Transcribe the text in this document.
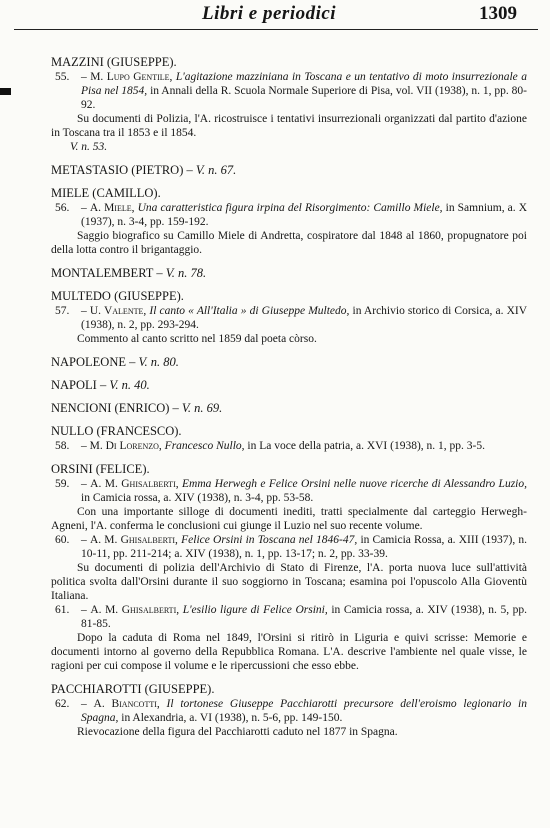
Libri e periodici	1309
MAZZINI (GIUSEPPE).

55. – M. Lupo Gentile, L'agitazione mazziniana in Toscana e un tentativo di moto insurrezionale a Pisa nel 1854, in Annali della R. Scuola Normale Superiore di Pisa, vol. VII (1938), n. 1, pp. 80-92.

Su documenti di Polizia, l'A. ricostruisce i tentativi insurrezionali organizzati dal partito d'azione in Toscana tra il 1853 e il 1854.

V. n. 53.

METASTASIO (PIETRO) – V. n. 67.
MIELE (CAMILLO).

56. – A. Miele, Una caratteristica figura irpina del Risorgimento: Camillo Miele, in Samnium, a. X (1937), n. 3-4, pp. 159-192.

Saggio biografico su Camillo Miele di Andretta, cospiratore dal 1848 al 1860, propugnatore poi della lotta contro il brigantaggio.

MONTALEMBERT – V. n. 78.
MULTEDO (GIUSEPPE).

57. – U. Valente, Il canto « All'Italia » di Giuseppe Multedo, in Archivio storico di Corsica, a. XIV (1938), n. 2, pp. 293-294.

Commento al canto scritto nel 1859 dal poeta còrso.

NAPOLEONE – V. n. 80.
NAPOLI – V. n. 40.
NENCIONI (ENRICO) – V. n. 69.
NULLO (FRANCESCO).

58. – M. Di Lorenzo, Francesco Nullo, in La voce della patria, a. XVI (1938), n. 1, pp. 3-5.

ORSINI (FELICE).

59. – A. M. Ghisalberti, Emma Herwegh e Felice Orsini nelle nuove ricerche di Alessandro Luzio, in Camicia rossa, a. XIV (1938), n. 3-4, pp. 53-58.

Con una importante silloge di documenti inediti, tratti specialmente dal carteggio Herwegh-Agneni, l'A. conferma le conclusioni cui giunge il Luzio nel suo recente volume.

60. – A. M. Ghisalberti, Felice Orsini in Toscana nel 1846-47, in Camicia Rossa, a. XIII (1937), n. 10-11, pp. 211-214; a. XIV (1938), n. 1, pp. 13-17; n. 2, pp. 33-39.

Su documenti di polizia dell'Archivio di Stato di Firenze, l'A. porta nuova luce sull'attività politica svolta dall'Orsini durante il suo soggiorno in Toscana; esamina poi l'opuscolo Alla Gioventù Italiana.

61. – A. M. Ghisalberti, L'esilio ligure di Felice Orsini, in Camicia rossa, a. XIV (1938), n. 5, pp. 81-85.

Dopo la caduta di Roma nel 1849, l'Orsini si ritirò in Liguria e quivi scrisse: Memorie e documenti intorno al governo della Repubblica Romana. L'A. descrive l'ambiente nel quale visse, le ragioni per cui compose il volume e le ripercussioni che esso ebbe.

PACCHIAROTTI (GIUSEPPE).

62. – A. Biancotti, Il tortonese Giuseppe Pacchiarotti precursore dell'eroismo legionario in Spagna, in Alexandria, a. VI (1938), n. 5-6, pp. 149-150.

Rievocazione della figura del Pacchiarotti caduto nel 1877 in Spagna.
